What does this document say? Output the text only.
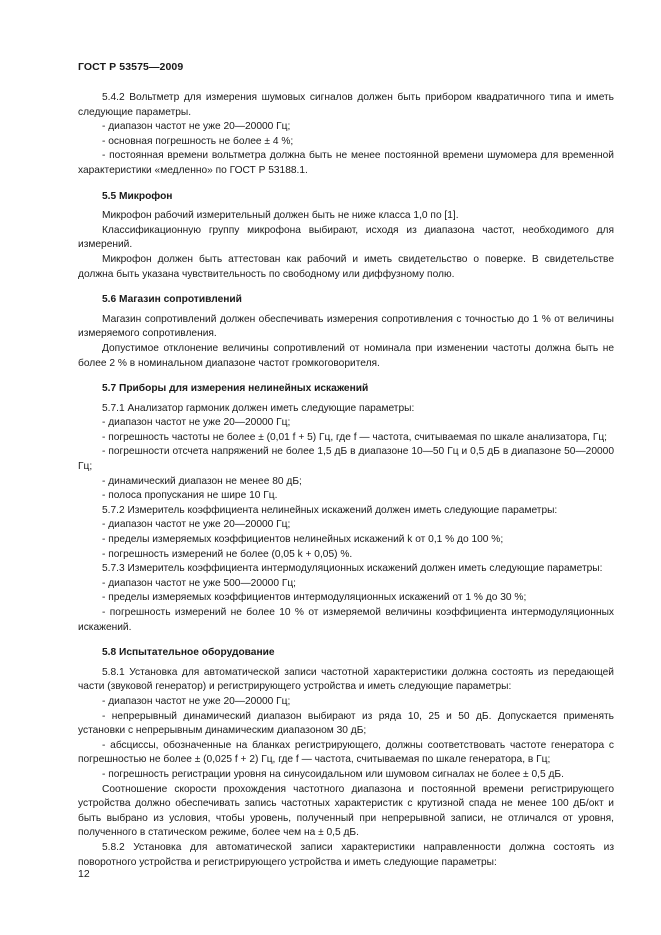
ГОСТ Р 53575—2009

5.4.2 Вольтметр для измерения шумовых сигналов должен быть прибором квадратичного типа и иметь следующие параметры.

- диапазон частот не уже 20—20000 Гц;

- основная погрешность не более ± 4 %;

- постоянная времени вольтметра должна быть не менее постоянной времени шумомера для временной характеристики «медленно» по ГОСТ Р 53188.1.

5.5 Микрофон

Микрофон рабочий измерительный должен быть не ниже класса 1,0 по [1].

Классификационную группу микрофона выбирают, исходя из диапазона частот, необходимого для измерений.

Микрофон должен быть аттестован как рабочий и иметь свидетельство о поверке. В свидетельстве должна быть указана чувствительность по свободному или диффузному полю.

5.6 Магазин сопротивлений

Магазин сопротивлений должен обеспечивать измерения сопротивления с точностью до 1 % от величины измеряемого сопротивления.

Допустимое отклонение величины сопротивлений от номинала при изменении частоты должна быть не более 2 % в номинальном диапазоне частот громкоговорителя.

5.7 Приборы для измерения нелинейных искажений

5.7.1 Анализатор гармоник должен иметь следующие параметры:

- диапазон частот не уже 20—20000 Гц;

- погрешность частоты не более ± (0,01 f + 5) Гц, где f — частота, считываемая по шкале анализатора, Гц;

- погрешности отсчета напряжений не более 1,5 дБ в диапазоне 10—50 Гц и 0,5 дБ в диапазоне 50—20000 Гц;

- динамический диапазон не менее 80 дБ;

- полоса пропускания не шире 10 Гц.

5.7.2 Измеритель коэффициента нелинейных искажений должен иметь следующие параметры:

- диапазон частот не уже 20—20000 Гц;

- пределы измеряемых коэффициентов нелинейных искажений k от 0,1 % до 100 %;

- погрешность измерений не более (0,05 k + 0,05) %.

5.7.3 Измеритель коэффициента интермодуляционных искажений должен иметь следующие параметры:

- диапазон частот не уже 500—20000 Гц;

- пределы измеряемых коэффициентов интермодуляционных искажений от 1 % до 30 %;

- погрешность измерений не более 10 % от измеряемой величины коэффициента интермодуляционных искажений.

5.8 Испытательное оборудование

5.8.1 Установка для автоматической записи частотной характеристики должна состоять из передающей части (звуковой генератор) и регистрирующего устройства и иметь следующие параметры:

- диапазон частот не уже 20—20000 Гц;

- непрерывный динамический диапазон выбирают из ряда 10, 25 и 50 дБ. Допускается применять установки с непрерывным динамическим диапазоном 30 дБ;

- абсциссы, обозначенные на бланках регистрирующего, должны соответствовать частоте генератора с погрешностью не более ± (0,025 f + 2) Гц, где f — частота, считываемая по шкале генератора, в Гц;

- погрешность регистрации уровня на синусоидальном или шумовом сигналах не более ± 0,5 дБ.

Соотношение скорости прохождения частотного диапазона и постоянной времени регистрирующего устройства должно обеспечивать запись частотных характеристик с крутизной спада не менее 100 дБ/окт и быть выбрано из условия, чтобы уровень, полученный при непрерывной записи, не отличался от уровня, полученного в статическом режиме, более чем на ± 0,5 дБ.

5.8.2 Установка для автоматической записи характеристики направленности должна состоять из поворотного устройства и регистрирующего устройства и иметь следующие параметры:

12
